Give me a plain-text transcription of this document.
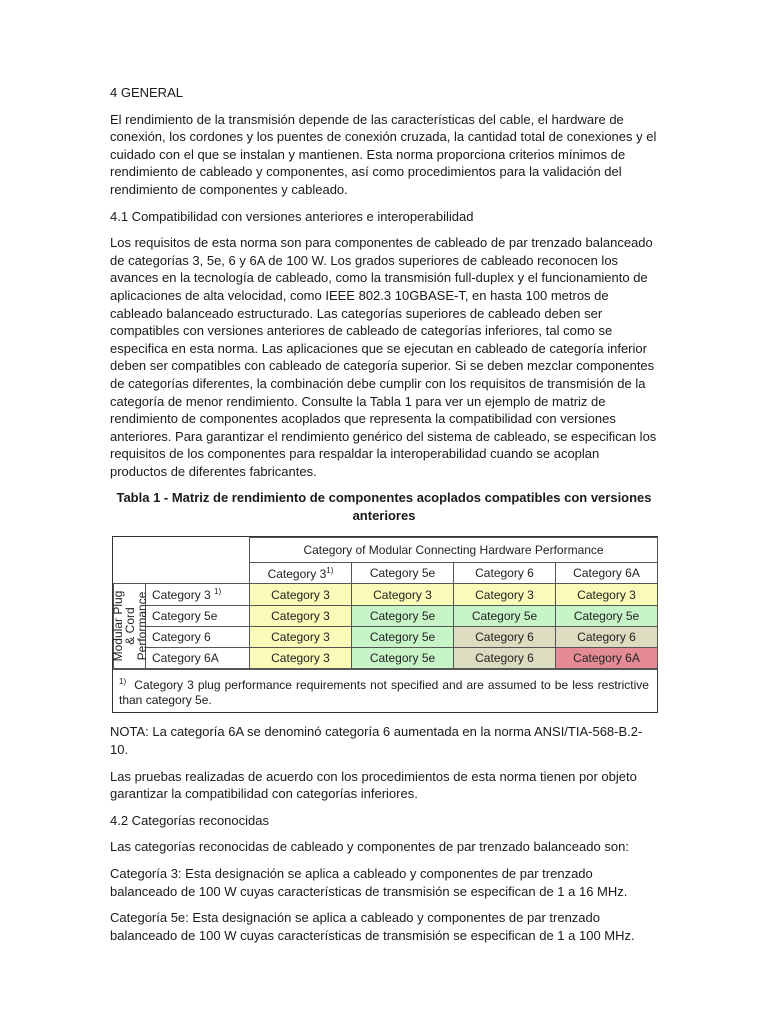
4 GENERAL

El rendimiento de la transmisión depende de las características del cable, el hardware de conexión, los cordones y los puentes de conexión cruzada, la cantidad total de conexiones y el cuidado con el que se instalan y mantienen. Esta norma proporciona criterios mínimos de rendimiento de cableado y componentes, así como procedimientos para la validación del rendimiento de componentes y cableado.

4.1 Compatibilidad con versiones anteriores e interoperabilidad

Los requisitos de esta norma son para componentes de cableado de par trenzado balanceado de categorías 3, 5e, 6 y 6A de 100 W. Los grados superiores de cableado reconocen los avances en la tecnología de cableado, como la transmisión full-duplex y el funcionamiento de aplicaciones de alta velocidad, como IEEE 802.3 10GBASE-T, en hasta 100 metros de cableado balanceado estructurado. Las categorías superiores de cableado deben ser compatibles con versiones anteriores de cableado de categorías inferiores, tal como se especifica en esta norma. Las aplicaciones que se ejecutan en cableado de categoría inferior deben ser compatibles con cableado de categoría superior. Si se deben mezclar componentes de categorías diferentes, la combinación debe cumplir con los requisitos de transmisión de la categoría de menor rendimiento. Consulte la Tabla 1 para ver un ejemplo de matriz de rendimiento de componentes acoplados que representa la compatibilidad con versiones anteriores. Para garantizar el rendimiento genérico del sistema de cableado, se especifican los requisitos de los componentes para respaldar la interoperabilidad cuando se acoplan productos de diferentes fabricantes.

Tabla 1 - Matriz de rendimiento de componentes acoplados compatibles con versiones anteriores
		Category of Modular Connecting Hardware Performance			
		Category 3$^{1)}$	Category 5e	Category 6	Category 6A

Modular Plug
& Cord
Performance	Category 3 $^{1)}$	Category 3	Category 3	Category 3	Category 3
	Category 5e	Category 3	Category 5e	Category 5e	Category 5e
	Category 6	Category 3	Category 5e	Category 6	Category 6
	Category 6A	Category 3	Category 5e	Category 6	Category 6A
$^{1)}$ Category 3 plug performance requirements not specified and are assumed to be less restrictive than category 5e.

NOTA: La categoría 6A se denominó categoría 6 aumentada en la norma ANSI/TIA-568-B.2-10.

Las pruebas realizadas de acuerdo con los procedimientos de esta norma tienen por objeto garantizar la compatibilidad con categorías inferiores.

4.2 Categorías reconocidas

Las categorías reconocidas de cableado y componentes de par trenzado balanceado son:

Categoría 3: Esta designación se aplica a cableado y componentes de par trenzado balanceado de 100 W cuyas características de transmisión se especifican de 1 a 16 MHz.

Categoría 5e: Esta designación se aplica a cableado y componentes de par trenzado balanceado de 100 W cuyas características de transmisión se especifican de 1 a 100 MHz.
